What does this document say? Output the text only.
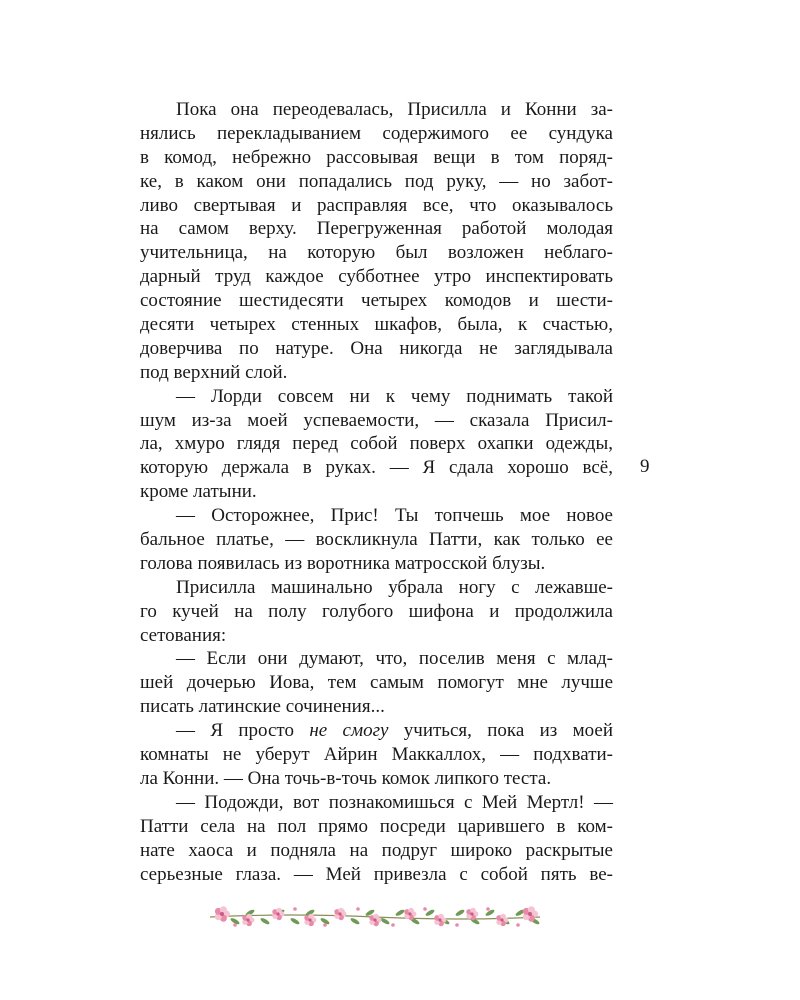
Пока она переодевалась, Присилла и Конни за-
нялись перекладыванием содержимого ее сундука
в комод, небрежно рассовывая вещи в том поряд-
ке, в каком они попадались под руку, — но забот-
ливо свертывая и расправляя все, что оказывалось
на самом верху. Перегруженная работой молодая
учительница, на которую был возложен неблаго-
дарный труд каждое субботнее утро инспектировать
состояние шестидесяти четырех комодов и шести-
десяти четырех стенных шкафов, была, к счастью,
доверчива по натуре. Она никогда не заглядывала
под верхний слой.
— Лорди совсем ни к чему поднимать такой
шум из-за моей успеваемости, — сказала Присил-
ла, хмуро глядя перед собой поверх охапки одежды,
которую держала в руках. — Я сдала хорошо всё,
кроме латыни.
— Осторожнее, Прис! Ты топчешь мое новое
бальное платье, — воскликнула Патти, как только ее
голова появилась из воротника матросской блузы.
Присилла машинально убрала ногу с лежавше-
го кучей на полу голубого шифона и продолжила
сетования:
— Если они думают, что, поселив меня с млад-
шей дочерью Иова, тем самым помогут мне лучше
писать латинские сочинения...
— Я просто не смогу учиться, пока из моей
комнаты не уберут Айрин Маккаллох, — подхвати-
ла Конни. — Она точь-в-точь комок липкого теста.
— Подожди, вот познакомишься с Мей Мертл! —
Патти села на пол прямо посреди царившего в ком-
нате хаоса и подняла на подруг широко раскрытые
серьезные глаза. — Мей привезла с собой пять ве-
9
